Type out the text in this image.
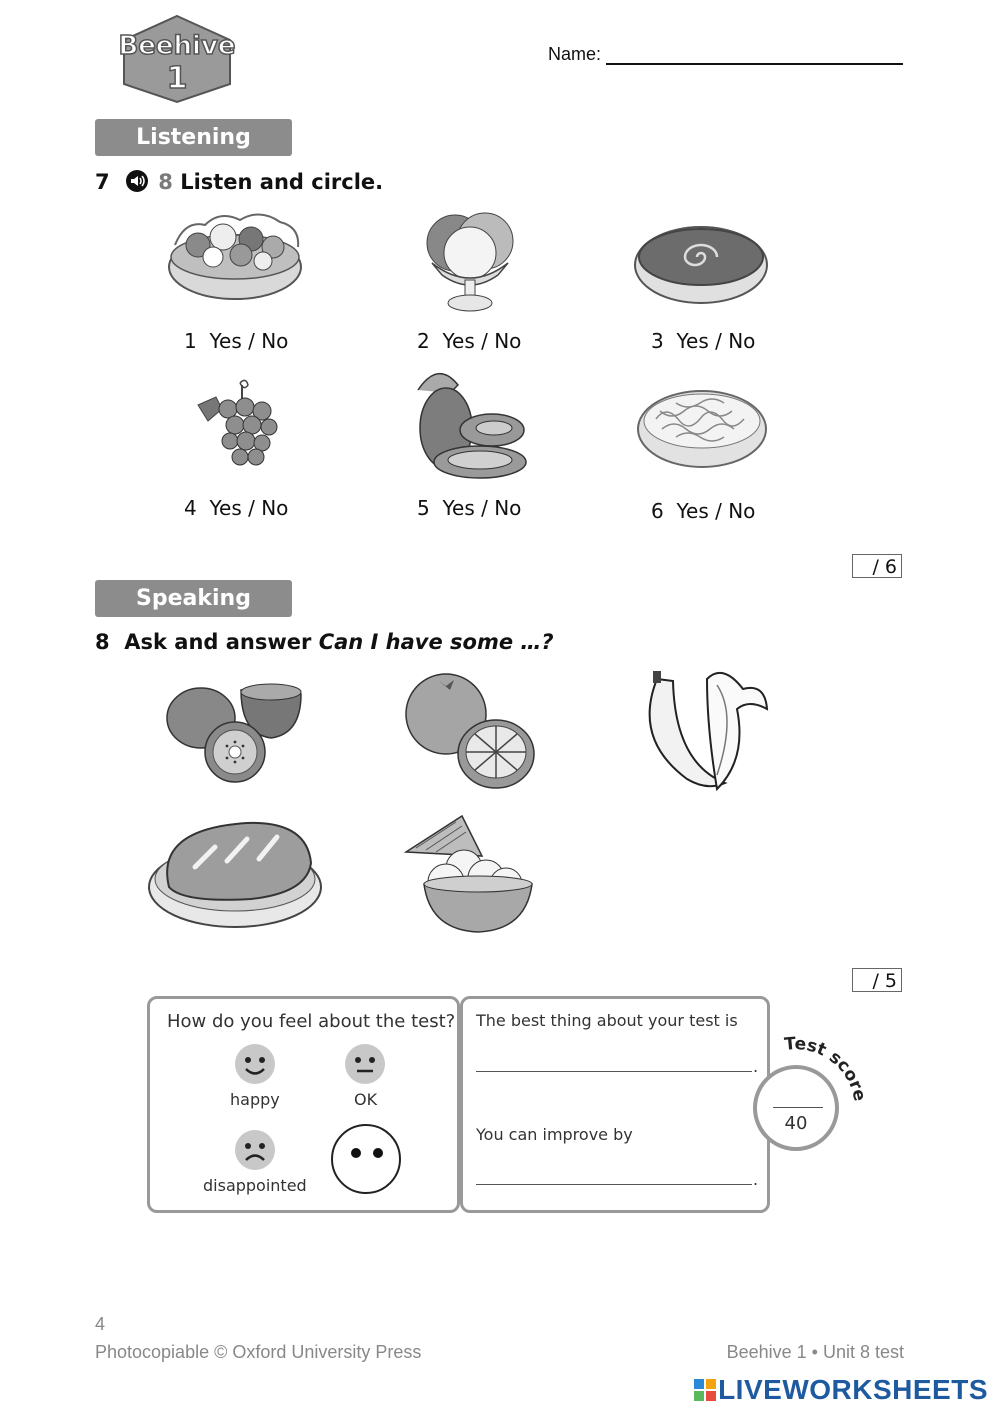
Beehive
1
Name:
Listening
7 8 Listen and circle.
1 Yes / No	2 Yes / No	3 Yes / No
4 Yes / No	5 Yes / No	6 Yes / No
/ 6
Speaking
8 Ask and answer Can I have some …?
/ 5
How do you feel about the test?
happy	OK
disappointed
The best thing about your test is
.
You can improve by
.
40
Test score
4
Photocopiable © Oxford University Press	Beehive 1 • Unit 8 test
LIVEWORKSHEETS
